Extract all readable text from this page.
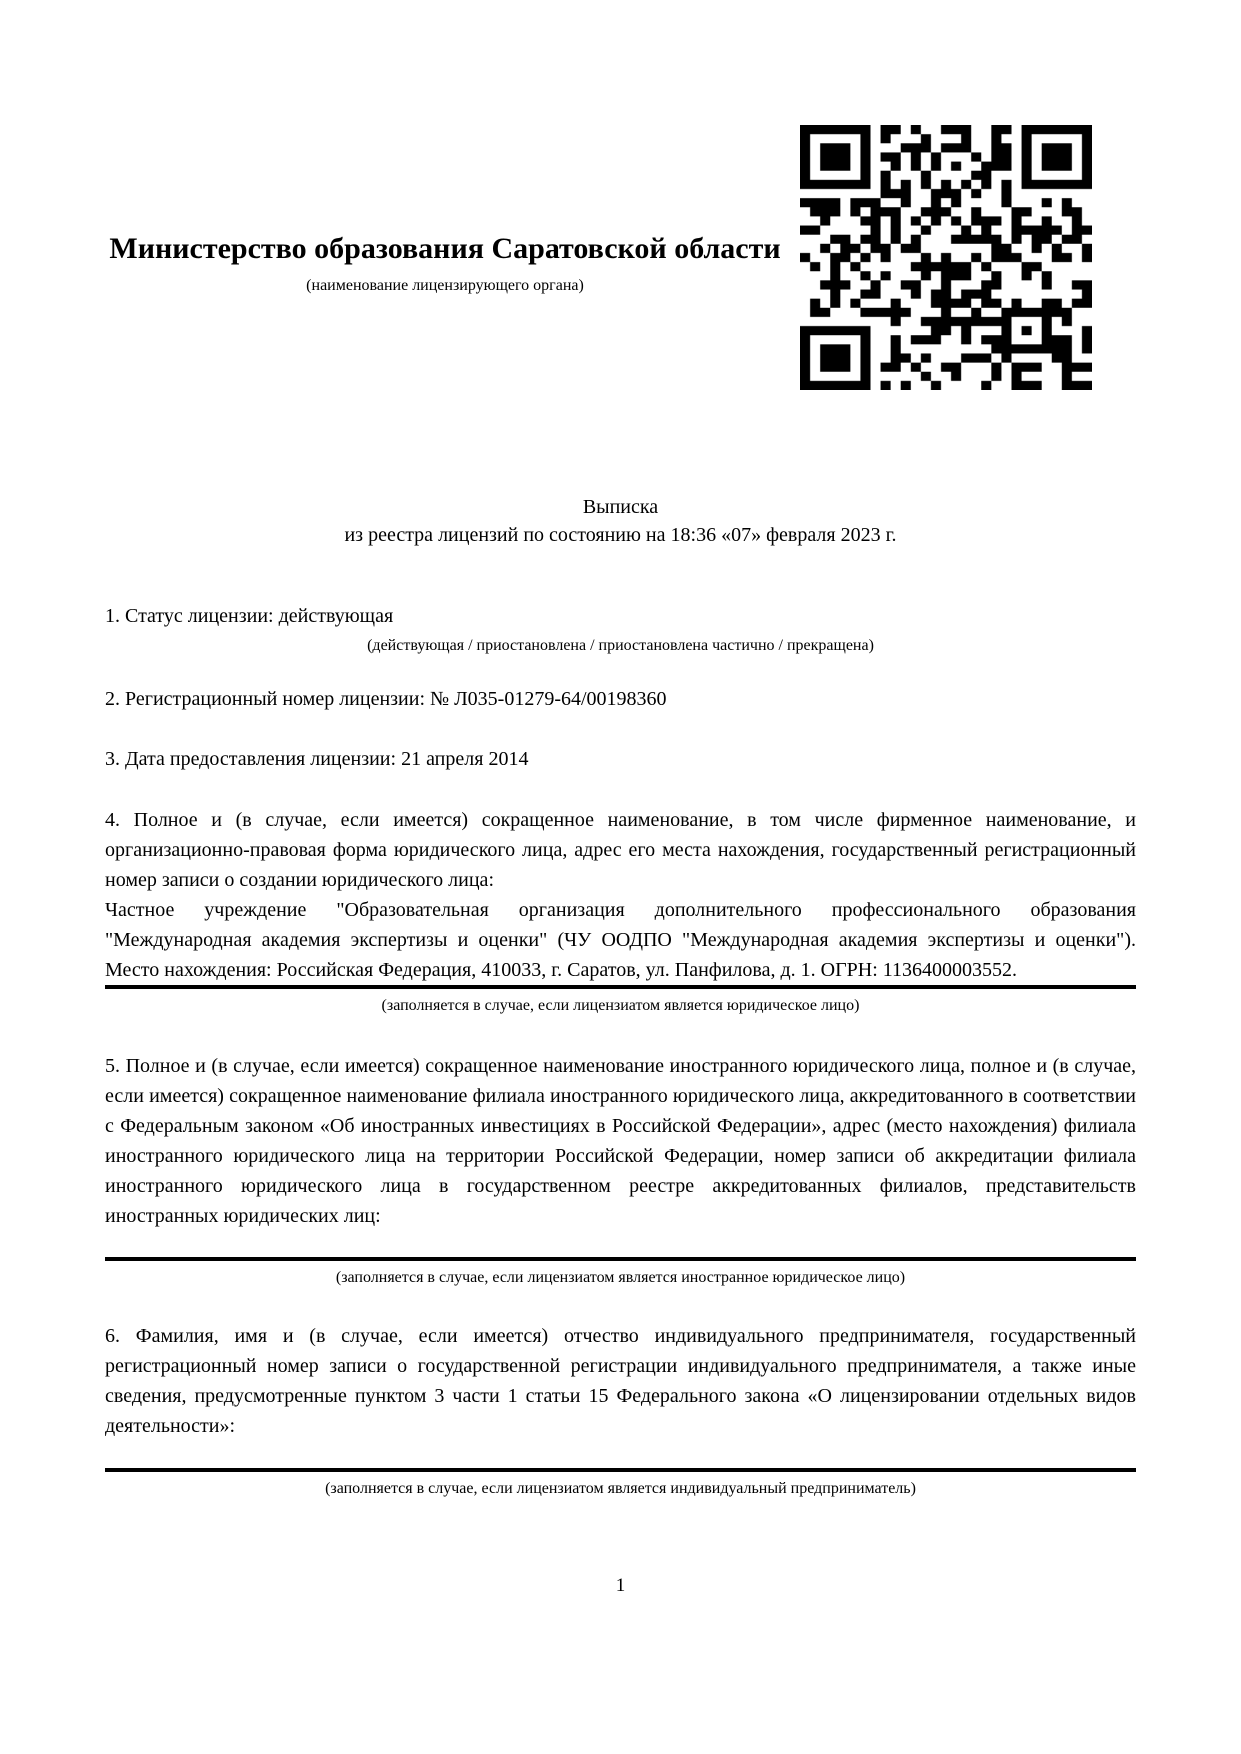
Министерство образования Саратовской области
(наименование лицензирующего органа)
Выписка
из реестра лицензий по состоянию на 18:36 «07» февраля 2023 г.
1. Статус лицензии: действующая
(действующая / приостановлена / приостановлена частично / прекращена)
2. Регистрационный номер лицензии: № Л035-01279-64/00198360
3. Дата предоставления лицензии: 21 апреля 2014

4. Полное и (в случае, если имеется) сокращенное наименование, в том числе фирменное наименование, и организационно-правовая форма юридического лица, адрес его места нахождения, государственный регистрационный номер записи о создании юридического лица:

Частное учреждение "Образовательная организация дополнительного профессионального образования "Международная академия экспертизы и оценки" (ЧУ ООДПО "Международная академия экспертизы и оценки"). Место нахождения: Российская Федерация, 410033, г. Саратов, ул. Панфилова, д. 1. ОГРН: 1136400003552.

(заполняется в случае, если лицензиатом является юридическое лицо)

5. Полное и (в случае, если имеется) сокращенное наименование иностранного юридического лица, полное и (в случае, если имеется) сокращенное наименование филиала иностранного юридического лица, аккредитованного в соответствии с Федеральным законом «Об иностранных инвестициях в Российской Федерации», адрес (место нахождения) филиала иностранного юридического лица на территории Российской Федерации, номер записи об аккредитации филиала иностранного юридического лица в государственном реестре аккредитованных филиалов, представительств иностранных юридических лиц:

(заполняется в случае, если лицензиатом является иностранное юридическое лицо)

6. Фамилия, имя и (в случае, если имеется) отчество индивидуального предпринимателя, государственный регистрационный номер записи о государственной регистрации индивидуального предпринимателя, а также иные сведения, предусмотренные пунктом 3 части 1 статьи 15 Федерального закона «О лицензировании отдельных видов деятельности»:

(заполняется в случае, если лицензиатом является индивидуальный предприниматель)
1
